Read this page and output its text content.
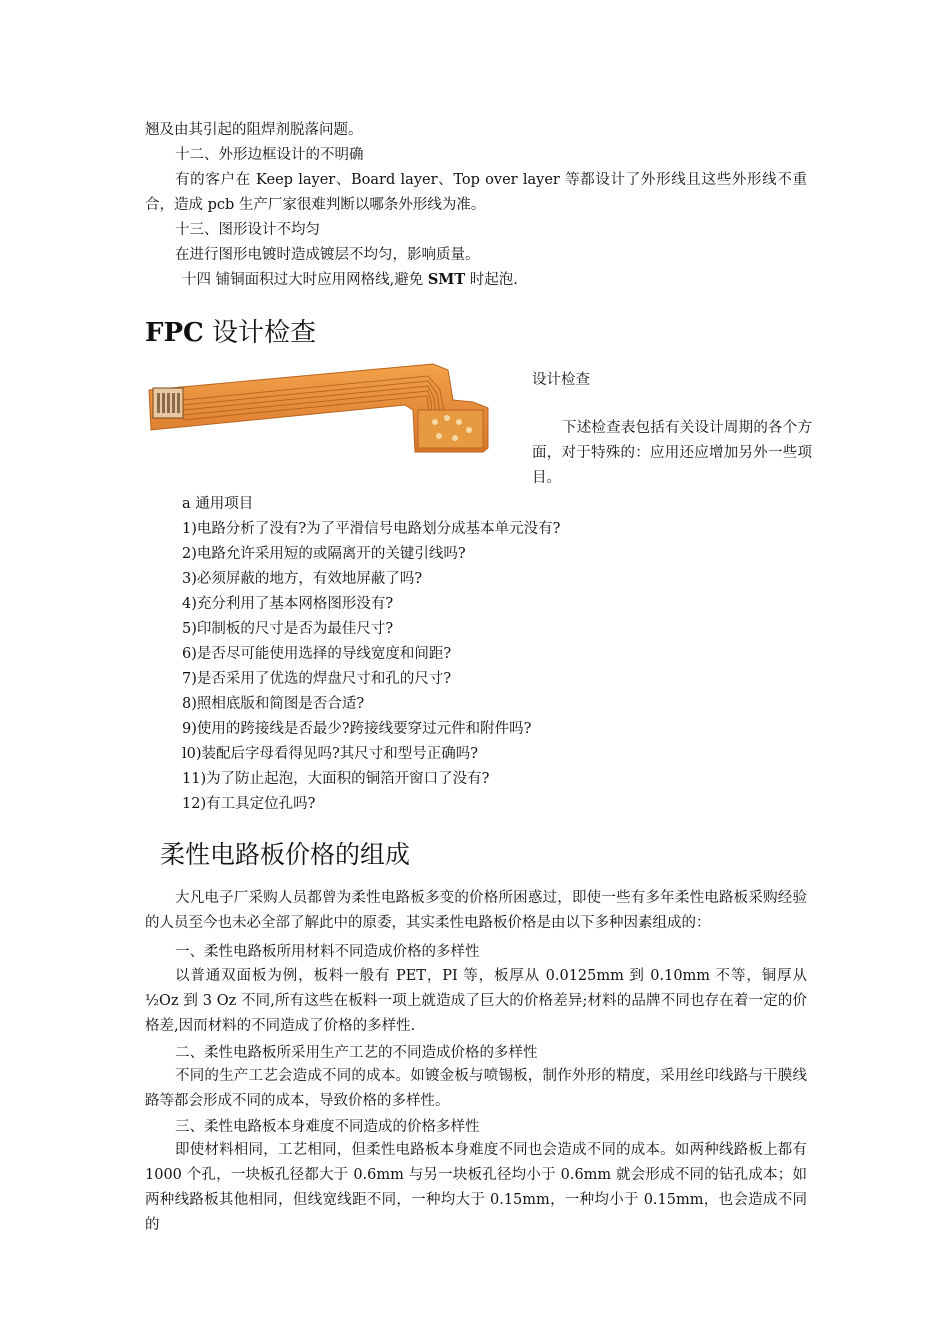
翘及由其引起的阻焊剂脱落问题。
十二、外形边框设计的不明确
有的客户在 Keep layer、Board layer、Top over layer 等都设计了外形线且这些外形线不重合，造成 pcb 生产厂家很难判断以哪条外形线为准。
十三、图形设计不均匀
在进行图形电镀时造成镀层不均匀，影响质量。
十四 铺铜面积过大时应用网格线,避免 SMT 时起泡.
FPC 设计检查
设计检查
下述检查表包括有关设计周期的各个方面，对于特殊的：应用还应增加另外一些项目。
a 通用项目
1)电路分析了没有?为了平滑信号电路划分成基本单元没有?
2)电路允许采用短的或隔离开的关键引线吗?
3)必须屏蔽的地方，有效地屏蔽了吗?
4)充分利用了基本网格图形没有?
5)印制板的尺寸是否为最佳尺寸?
6)是否尽可能使用选择的导线宽度和间距?
7)是否采用了优选的焊盘尺寸和孔的尺寸?
8)照相底版和简图是否合适?
9)使用的跨接线是否最少?跨接线要穿过元件和附件吗?
l0)装配后字母看得见吗?其尺寸和型号正确吗?
11)为了防止起泡，大面积的铜箔开窗口了没有?
12)有工具定位孔吗?
柔性电路板价格的组成
大凡电子厂采购人员都曾为柔性电路板多变的价格所困惑过，即使一些有多年柔性电路板采购经验的人员至今也未必全部了解此中的原委，其实柔性电路板价格是由以下多种因素组成的：
一、柔性电路板所用材料不同造成价格的多样性
以普通双面板为例，板料一般有 PET，PI 等，板厚从 0.0125mm 到 0.10mm 不等，铜厚从½Oz 到 3 Oz 不同,所有这些在板料一项上就造成了巨大的价格差异;材料的品牌不同也存在着一定的价格差,因而材料的不同造成了价格的多样性.
二、柔性电路板所采用生产工艺的不同造成价格的多样性
不同的生产工艺会造成不同的成本。如镀金板与喷锡板，制作外形的精度，采用丝印线路与干膜线路等都会形成不同的成本，导致价格的多样性。
三、柔性电路板本身难度不同造成的价格多样性
即使材料相同，工艺相同，但柔性电路板本身难度不同也会造成不同的成本。如两种线路板上都有 1000 个孔，一块板孔径都大于 0.6mm 与另一块板孔径均小于 0.6mm 就会形成不同的钻孔成本；如两种线路板其他相同，但线宽线距不同，一种均大于 0.15mm，一种均小于 0.15mm，也会造成不同的
